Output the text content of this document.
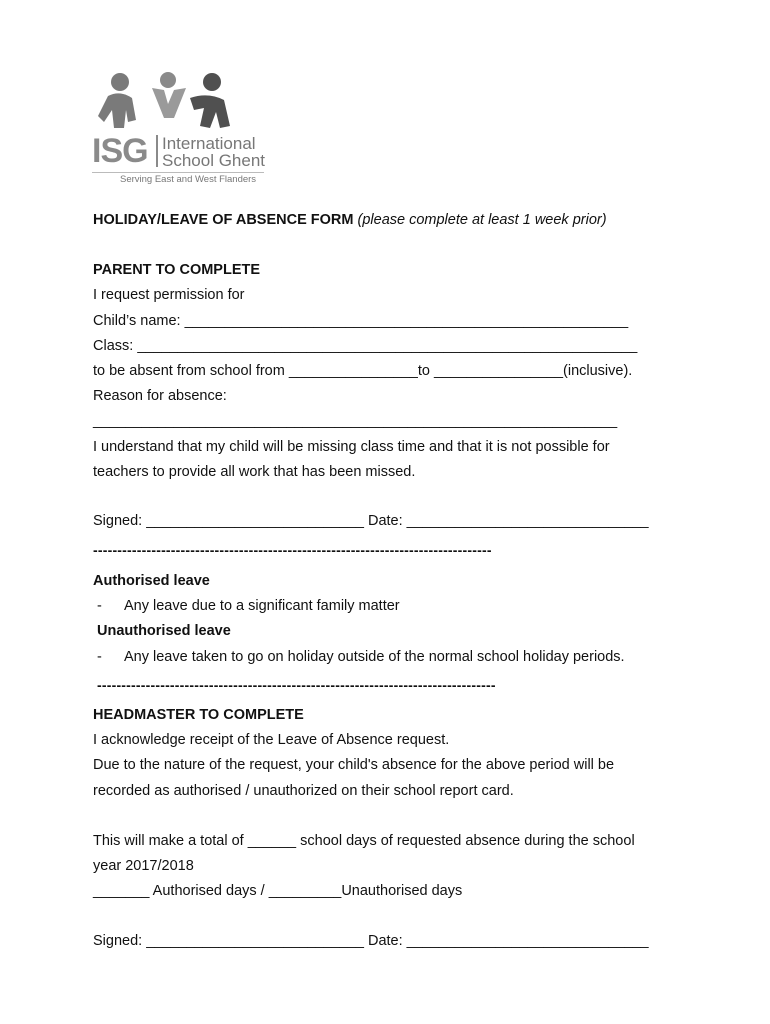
ISG International
School Ghent
Serving East and West Flanders
HOLIDAY/LEAVE OF ABSENCE FORM (please complete at least 1 week prior)
PARENT TO COMPLETE
I request permission for
Child’s name: _______________________________________________________
Class: ______________________________________________________________
to be absent from school from ________________to ________________(inclusive).
Reason for absence:
_________________________________________________________________
I understand that my child will be missing class time and that it is not possible for
teachers to provide all work that has been missed.
Signed: ___________________________ Date: ______________________________
----------------------------------------------------------------------------------
Authorised leave
- Any leave due to a significant family matter
Unauthorised leave
- Any leave taken to go on holiday outside of the normal school holiday periods.
----------------------------------------------------------------------------------
HEADMASTER TO COMPLETE
I acknowledge receipt of the Leave of Absence request.
Due to the nature of the request, your child's absence for the above period will be
recorded as authorised / unauthorized on their school report card.
This will make a total of ______ school days of requested absence during the school
year 2017/2018
_______ Authorised days / _________Unauthorised days
Signed: ___________________________ Date: ______________________________
